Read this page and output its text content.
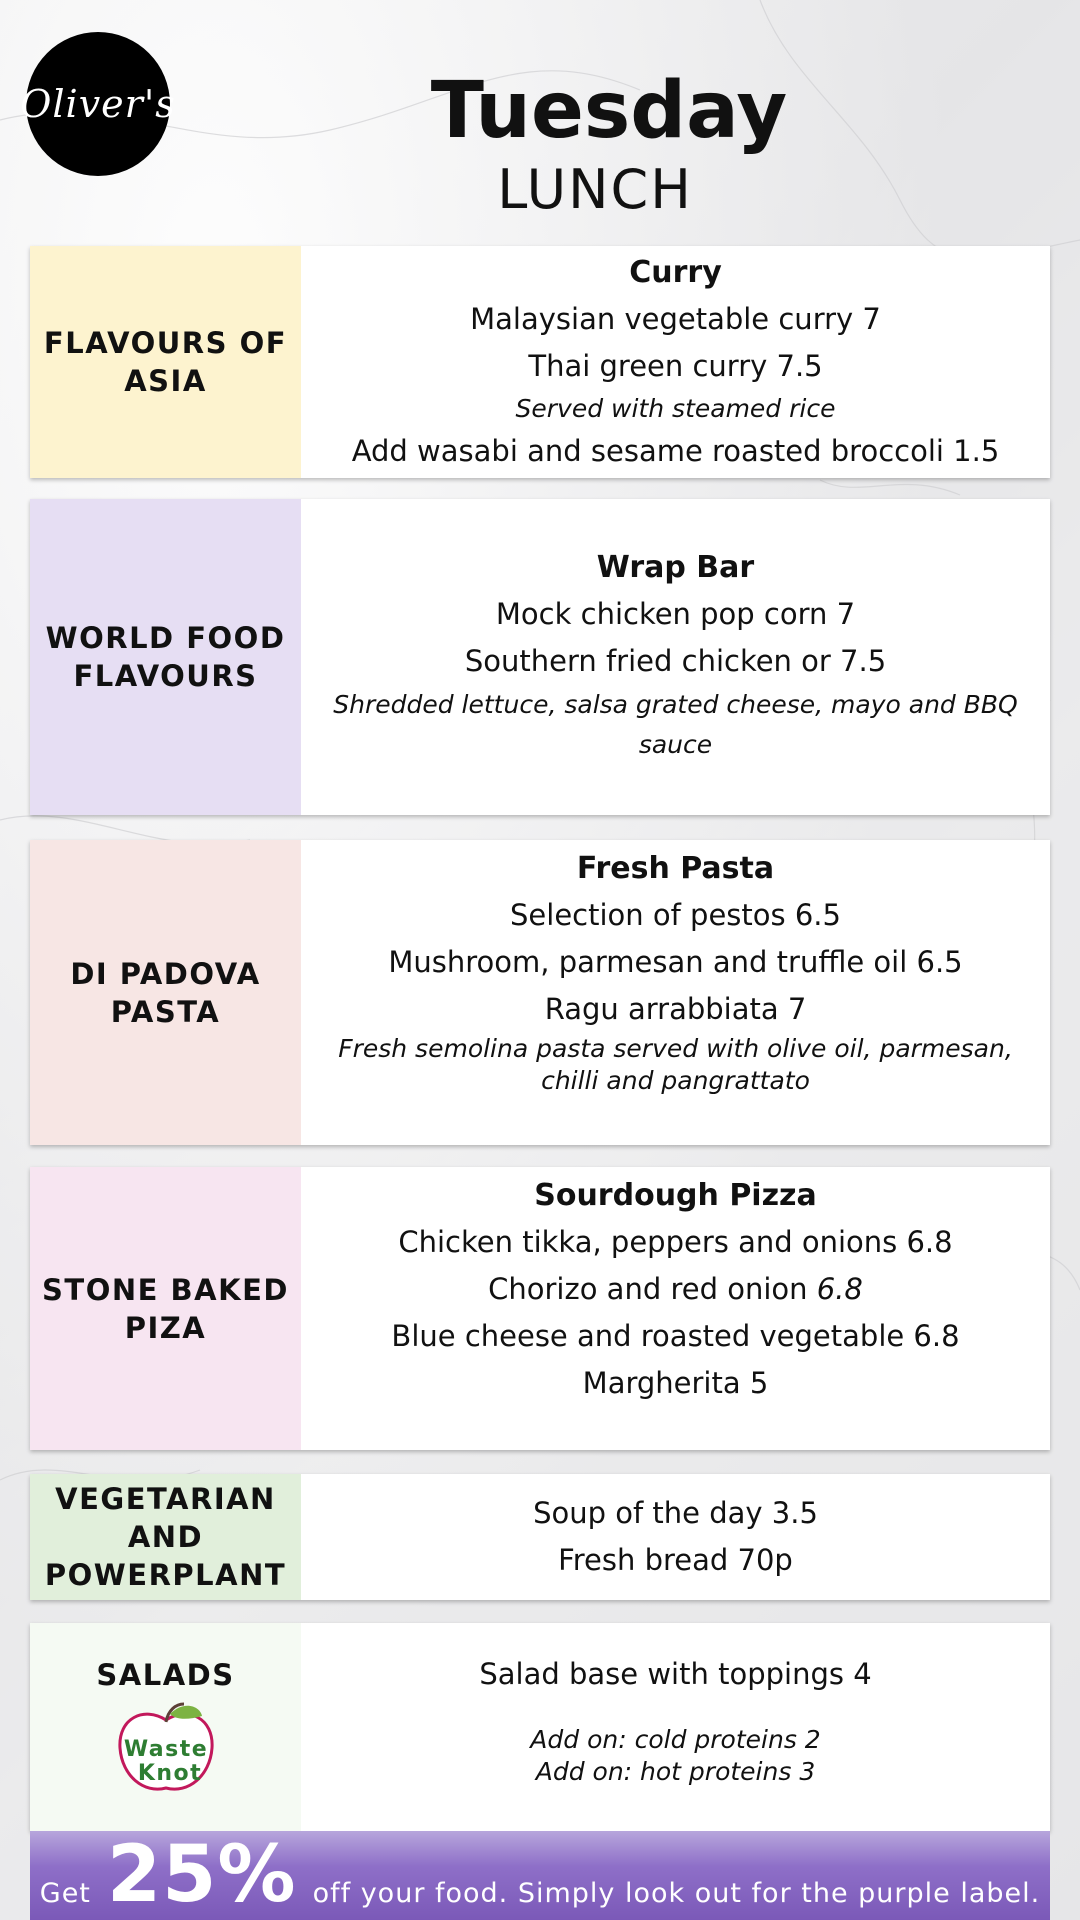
Oliver's	Tuesday
LUNCH
FLAVOURS OF ASIA
Curry
Malaysian vegetable curry 7
Thai green curry 7.5
Served with steamed rice
Add wasabi and sesame roasted broccoli 1.5
WORLD FOOD FLAVOURS
Wrap Bar
Mock chicken pop corn 7
Southern fried chicken or 7.5
Shredded lettuce, salsa grated cheese, mayo and BBQ sauce
DI PADOVA PASTA
Fresh Pasta
Selection of pestos 6.5
Mushroom, parmesan and truffle oil 6.5
Ragu arrabbiata 7
Fresh semolina pasta served with olive oil, parmesan, chilli and pangrattato
STONE BAKED PIZA
Sourdough Pizza
Chicken tikka, peppers and onions 6.8
Chorizo and red onion 6.8
Blue cheese and roasted vegetable 6.8
Margherita 5
VEGETARIAN AND POWERPLANT
Soup of the day 3.5
Fresh bread 70p
SALADS
Waste
Knot
Salad base with toppings 4
Add on: cold proteins 2
Add on: hot proteins 3
Get 25% off your food. Simply look out for the purple label.
